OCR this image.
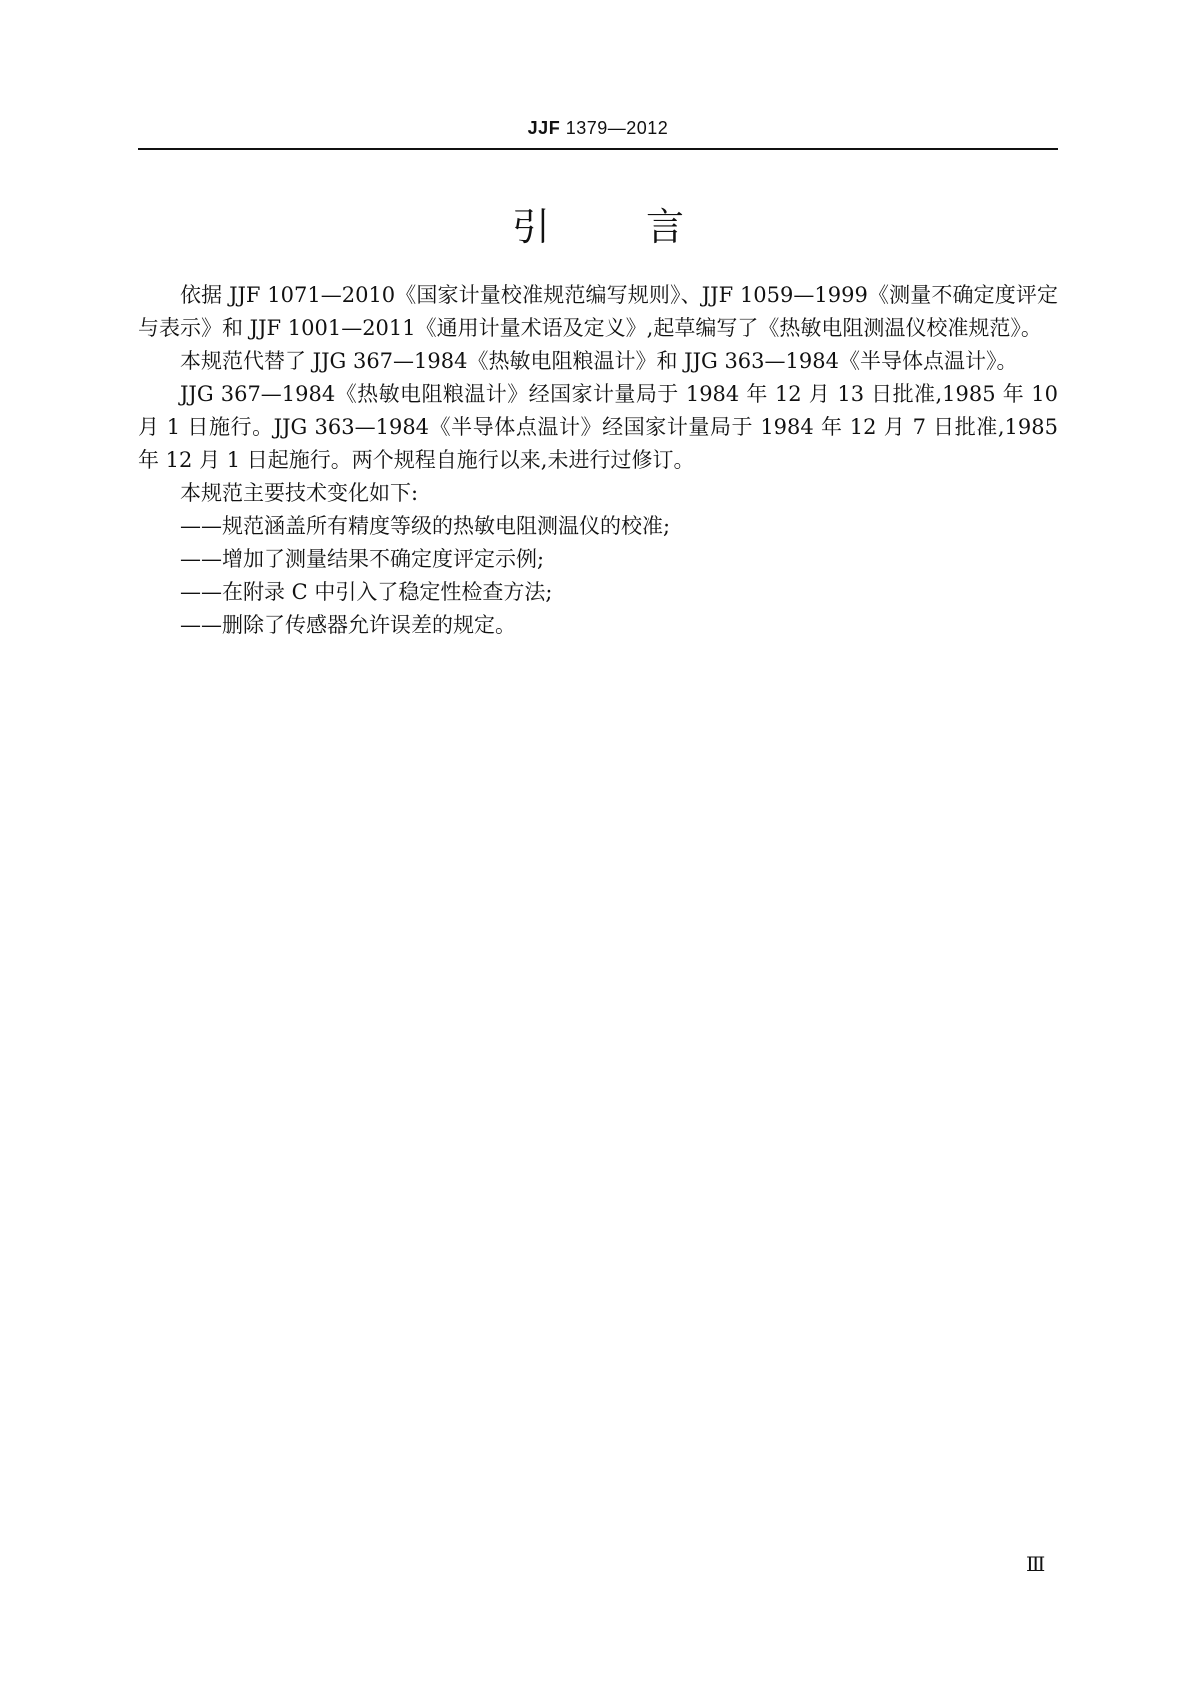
JJF 1379—2012
引	言

依据 JJF 1071—2010《国家计量校准规范编写规则》、JJF 1059—1999《测量不确定度评定与表示》和 JJF 1001—2011《通用计量术语及定义》,起草编写了《热敏电阻测温仪校准规范》。

本规范代替了 JJG 367—1984《热敏电阻粮温计》和 JJG 363—1984《半导体点温计》。

JJG 367—1984《热敏电阻粮温计》经国家计量局于 1984 年 12 月 13 日批准,1985 年 10 月 1 日施行。JJG 363—1984《半导体点温计》经国家计量局于 1984 年 12 月 7 日批准,1985 年 12 月 1 日起施行。两个规程自施行以来,未进行过修订。

本规范主要技术变化如下:

——规范涵盖所有精度等级的热敏电阻测温仪的校准;
——增加了测量结果不确定度评定示例;
——在附录 C 中引入了稳定性检查方法;
——删除了传感器允许误差的规定。
Ⅲ
